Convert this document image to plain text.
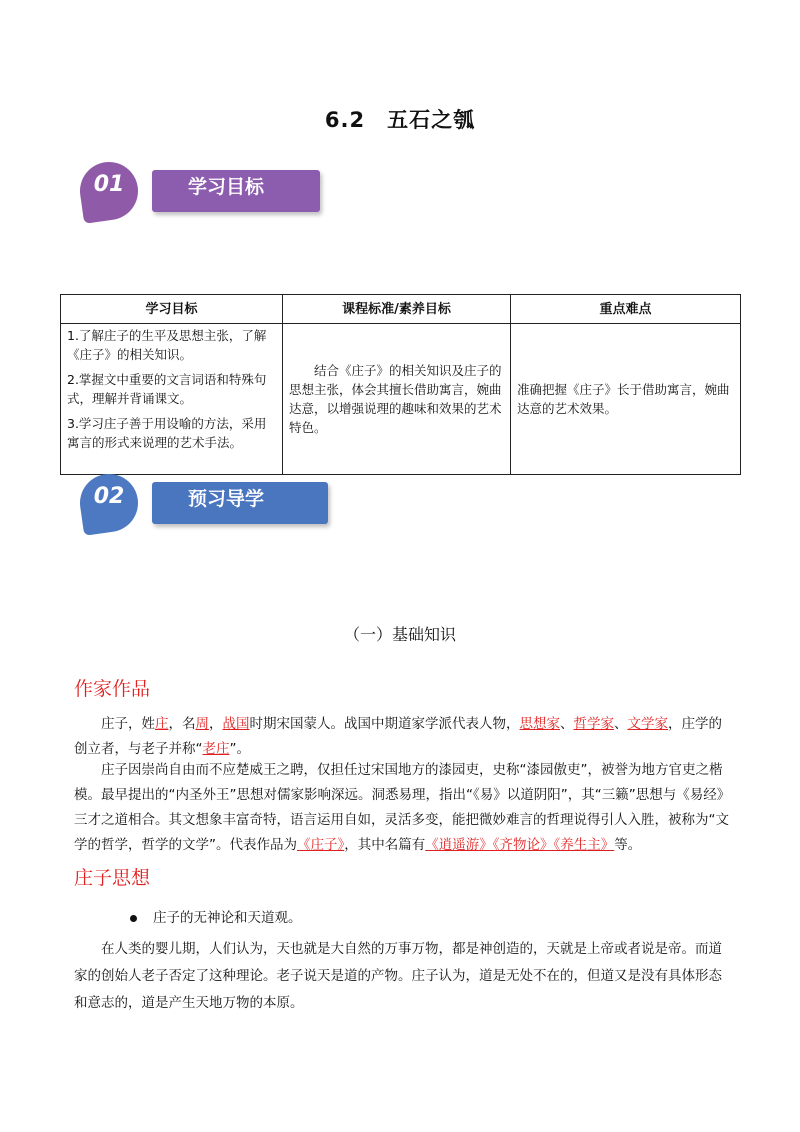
6.2　五石之瓠
01	学习目标
学习目标	课程标准/素养目标	重点难点

1.了解庄子的生平及思想主张，了解《庄子》的相关知识。

2.掌握文中重要的文言词语和特殊句式，理解并背诵课文。

3.学习庄子善于用设喻的方法，采用寓言的形式来说理的艺术手法。	结合《庄子》的相关知识及庄子的思想主张，体会其擅长借助寓言，婉曲达意，以增强说理的趣味和效果的艺术特色。	准确把握《庄子》长于借助寓言，婉曲达意的艺术效果。
02	预习导学
（一）基础知识
作家作品
庄子，姓庄，名周，战国时期宋国蒙人。战国中期道家学派代表人物，思想家、哲学家、文学家，庄学的创立者，与老子并称“老庄”。
庄子因崇尚自由而不应楚威王之聘，仅担任过宋国地方的漆园吏，史称“漆园傲吏”，被誉为地方官吏之楷模。最早提出的“内圣外王”思想对儒家影响深远。洞悉易理，指出“《易》以道阴阳”，其“三籁”思想与《易经》三才之道相合。其文想象丰富奇特，语言运用自如，灵活多变，能把微妙难言的哲理说得引人入胜，被称为“文学的哲学，哲学的文学”。代表作品为《庄子》，其中名篇有《逍遥游》《齐物论》《养生主》等。
庄子思想
庄子的无神论和天道观。
在人类的婴儿期，人们认为，天也就是大自然的万事万物，都是神创造的，天就是上帝或者说是帝。而道家的创始人老子否定了这种理论。老子说天是道的产物。庄子认为，道是无处不在的，但道又是没有具体形态和意志的，道是产生天地万物的本原。
